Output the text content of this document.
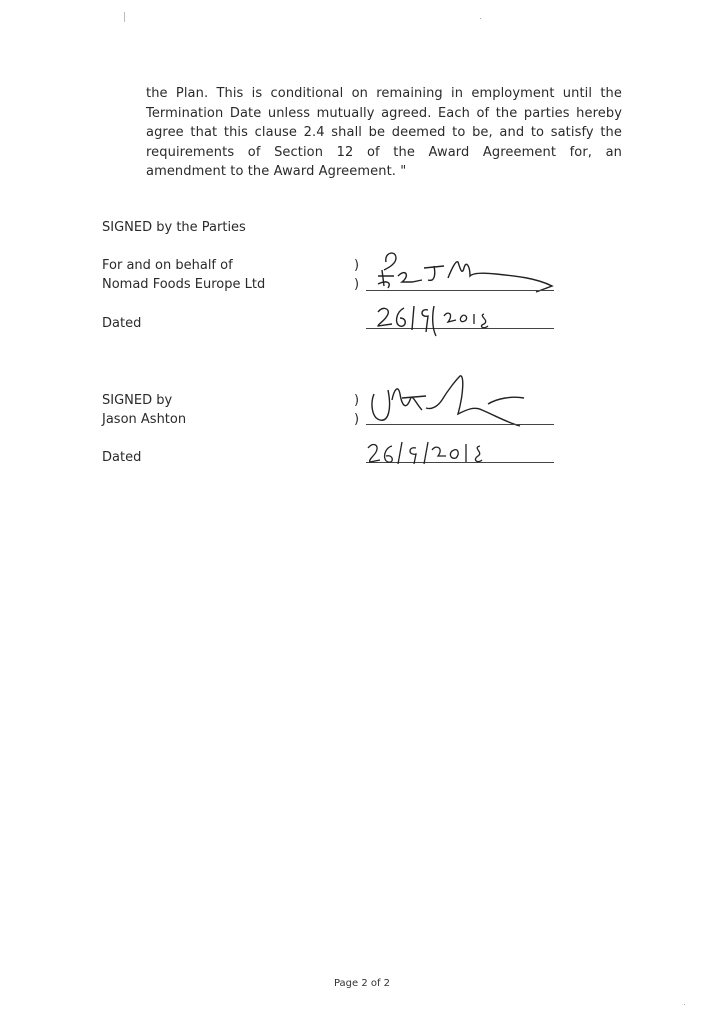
the Plan. This is conditional on remaining in employment until the Termination Date unless mutually agreed. Each of the parties hereby agree that this clause 2.4 shall be deemed to be, and to satisfy the requirements of Section 12 of the Award Agreement for, an amendment to the Award Agreement. "
SIGNED by the Parties
For and on behalf of
Nomad Foods Europe Ltd
)
)
Dated
SIGNED by
Jason Ashton
)
)
Dated
Page 2 of 2
